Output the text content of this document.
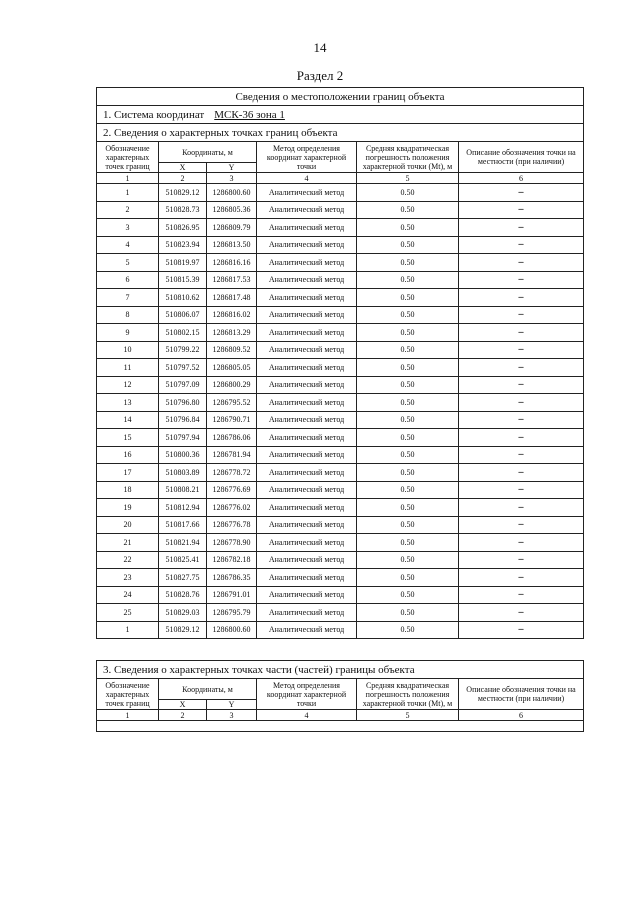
14
Раздел 2
Сведения о местоположении границ объекта					
1. Система координат МСК-36 зона 1					
2. Сведения о характерных точках границ объекта					
Обозначение характерных точек границ	Координаты, м		Метод определения координат характерной точки	Средняя квадратическая погрешность положения характерной точки (Mt), м	Описание обозначения точки на местности (при наличии)
	X	Y			
1	2	3	4	5	6
1	510829.12	1286800.60	Аналитический метод	0.50	–
2	510828.73	1286805.36	Аналитический метод	0.50	–
3	510826.95	1286809.79	Аналитический метод	0.50	–
4	510823.94	1286813.50	Аналитический метод	0.50	–
5	510819.97	1286816.16	Аналитический метод	0.50	–
6	510815.39	1286817.53	Аналитический метод	0.50	–
7	510810.62	1286817.48	Аналитический метод	0.50	–
8	510806.07	1286816.02	Аналитический метод	0.50	–
9	510802.15	1286813.29	Аналитический метод	0.50	–
10	510799.22	1286809.52	Аналитический метод	0.50	–
11	510797.52	1286805.05	Аналитический метод	0.50	–
12	510797.09	1286800.29	Аналитический метод	0.50	–
13	510796.80	1286795.52	Аналитический метод	0.50	–
14	510796.84	1286790.71	Аналитический метод	0.50	–
15	510797.94	1286786.06	Аналитический метод	0.50	–
16	510800.36	1286781.94	Аналитический метод	0.50	–
17	510803.89	1286778.72	Аналитический метод	0.50	–
18	510808.21	1286776.69	Аналитический метод	0.50	–
19	510812.94	1286776.02	Аналитический метод	0.50	–
20	510817.66	1286776.78	Аналитический метод	0.50	–
21	510821.94	1286778.90	Аналитический метод	0.50	–
22	510825.41	1286782.18	Аналитический метод	0.50	–
23	510827.75	1286786.35	Аналитический метод	0.50	–
24	510828.76	1286791.01	Аналитический метод	0.50	–
25	510829.03	1286795.79	Аналитический метод	0.50	–
1	510829.12	1286800.60	Аналитический метод	0.50	–
3. Сведения о характерных точках части (частей) границы объекта					
Обозначение характерных точек границ	Координаты, м		Метод определения координат характерной точки	Средняя квадратическая погрешность положения характерной точки (Mt), м	Описание обозначения точки на местности (при наличии)
	X	Y			
1	2	3	4	5	6
